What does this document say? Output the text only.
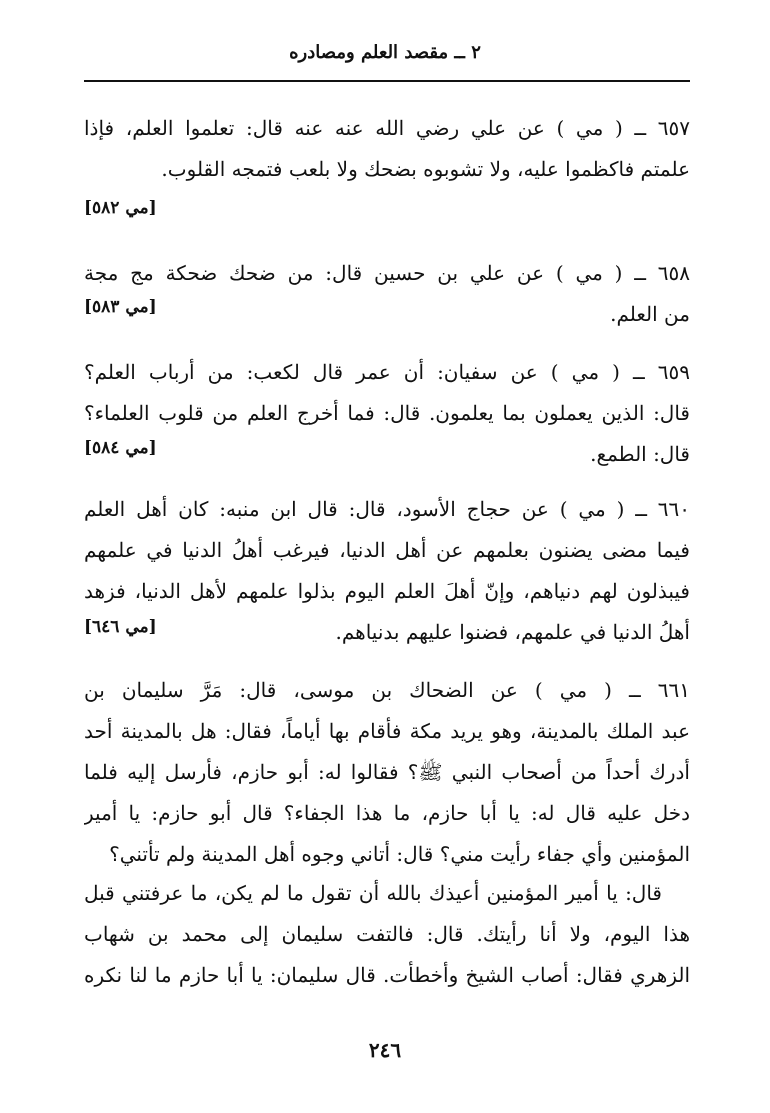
٢ ــ مقصد العلم ومصادره
٦٥٧ ــ ( مي ) عن علي رضي الله عنه عنه قال: تعلموا العلم، فإذا
علمتم فاكظموا عليه، ولا تشوبوه بضحك ولا بلعب فتمجه القلوب.
[مي ٥٨٢]
٦٥٨ ــ ( مي ) عن علي بن حسين قال: من ضحك ضحكة مج مجة
من العلم.
[مي ٥٨٣]
٦٥٩ ــ ( مي ) عن سفيان: أن عمر قال لكعب: من أرباب العلم؟
قال: الذين يعملون بما يعلمون. قال: فما أخرج العلم من قلوب العلماء؟
قال: الطمع.
[مي ٥٨٤]
٦٦٠ ــ ( مي ) عن حجاج الأسود، قال: قال ابن منبه: كان أهل العلم
فيما مضى يضنون بعلمهم عن أهل الدنيا، فيرغب أهلُ الدنيا في علمهم
فيبذلون لهم دنياهم، وإنّ أهلَ العلم اليوم بذلوا علمهم لأهل الدنيا، فزهد
أهلُ الدنيا في علمهم، فضنوا عليهم بدنياهم.
[مي ٦٤٦]
٦٦١ ــ ( مي ) عن الضحاك بن موسى، قال: مَرَّ سليمان بن
عبد الملك بالمدينة، وهو يريد مكة فأقام بها أياماً، فقال: هل بالمدينة أحد
أدرك أحداً من أصحاب النبي ﷺ؟ فقالوا له: أبو حازم، فأرسل إليه فلما
دخل عليه قال له: يا أبا حازم، ما هذا الجفاء؟ قال أبو حازم: يا أمير
المؤمنين وأي جفاء رأيت مني؟ قال: أتاني وجوه أهل المدينة ولم تأتني؟
قال: يا أمير المؤمنين أعيذك بالله أن تقول ما لم يكن، ما عرفتني قبل
هذا اليوم، ولا أنا رأيتك. قال: فالتفت سليمان إلى محمد بن شهاب
الزهري فقال: أصاب الشيخ وأخطأت. قال سليمان: يا أبا حازم ما لنا نكره
٢٤٦
